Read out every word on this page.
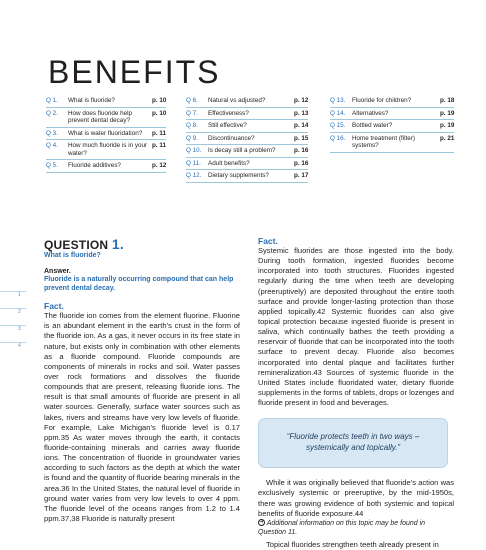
BENEFITS
Q 1.	What is fluoride?	p. 10
Q 2.	How does fluoride help prevent dental decay?
p. 10
Q 3.	What is water fluoridation?	p. 11
Q 4.	How much fluoride is in your water?
p. 11
Q 5.	Fluoride additives?	p. 12
Q 6.	Natural vs adjusted?	p. 12
Q 7.	Effectiveness?	p. 13
Q 8.	Still effective?	p. 14
Q 9.	Discontinuance?	p. 15
Q 10.	Is decay still a problem?	p. 16
Q 11.	Adult benefits?	p. 16
Q 12.	Dietary supplements?	p. 17
Q 13.	Fluoride for children?	p. 18
Q 14.	Alternatives?	p. 19
Q 15.	Bottled water?	p. 19
Q 16.	Home treatment (filter) systems?
p. 21
1
2
3
4
QUESTION 1.
What is fluoride?
Answer.
Fluoride is a naturally occurring compound that can help prevent dental decay.
Fact.
The fluoride ion comes from the element fluorine. Fluorine is an abundant element in the earth’s crust in the form of the fluoride ion. As a gas, it never occurs in its free state in nature, but exists only in combination with other elements as a fluoride compound. Fluoride compounds are components of minerals in rocks and soil. Water passes over rock formations and dissolves the fluoride compounds that are present, releasing fluoride ions. The result is that small amounts of fluoride are present in all water sources. Generally, surface water sources such as lakes, rivers and streams have very low levels of fluoride. For example, Lake Michigan’s fluoride level is 0.17 ppm.35 As water moves through the earth, it contacts fluoride-containing minerals and carries away fluoride ions. The concentration of fluoride in groundwater varies according to such factors as the depth at which the water is found and the quantity of fluoride bearing minerals in the area.36 In the United States, the natural level of fluoride in ground water varies from very low levels to over 4 ppm. The fluoride level of the oceans ranges from 1.2 to 1.4 ppm.37,38 Fluoride is naturally present
Fact.
Systemic fluorides are those ingested into the body. During tooth formation, ingested fluorides become incorporated into tooth structures. Fluorides ingested regularly during the time when teeth are developing (preeruptively) are deposited throughout the entire tooth surface and provide longer-lasting protection than those applied topically.42 Systemic fluorides can also give topical protection because ingested fluoride is present in saliva, which continually bathes the teeth providing a reservoir of fluoride that can be incorporated into the tooth surface to prevent decay. Fluoride also becomes incorporated into dental plaque and facilitates further remineralization.43 Sources of systemic fluoride in the United States include fluoridated water, dietary fluoride supplements in the forms of tablets, drops or lozenges and fluoride present in food and beverages.
“Fluoride protects teeth in two ways – systemically and topically.”
While it was originally believed that fluoride’s action was exclusively systemic or preeruptive, by the mid-1950s, there was growing evidence of both systemic and topical benefits of fluoride exposure.44
➔ Additional information on this topic may be found in Question 11.
Topical fluorides strengthen teeth already present in
